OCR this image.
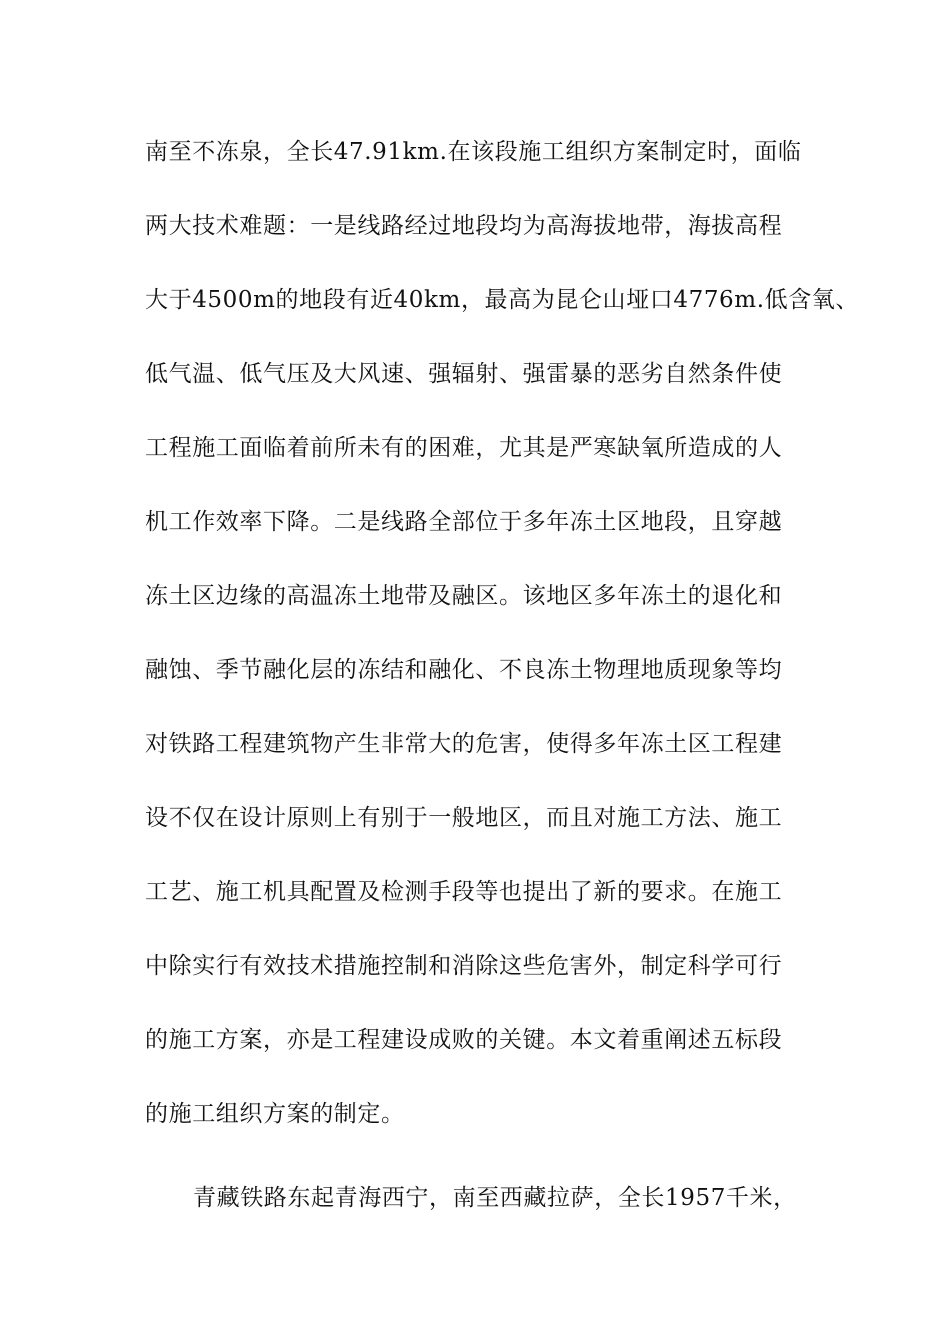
南至不冻泉，全长47.91km.在该段施工组织方案制定时，面临
两大技术难题：一是线路经过地段均为高海拔地带，海拔高程
大于4500m的地段有近40km，最高为昆仑山垭口4776m.低含氧、
低气温、低气压及大风速、强辐射、强雷暴的恶劣自然条件使
工程施工面临着前所未有的困难，尤其是严寒缺氧所造成的人
机工作效率下降。二是线路全部位于多年冻土区地段，且穿越
冻土区边缘的高温冻土地带及融区。该地区多年冻土的退化和
融蚀、季节融化层的冻结和融化、不良冻土物理地质现象等均
对铁路工程建筑物产生非常大的危害，使得多年冻土区工程建
设不仅在设计原则上有别于一般地区，而且对施工方法、施工
工艺、施工机具配置及检测手段等也提出了新的要求。在施工
中除实行有效技术措施控制和消除这些危害外，制定科学可行
的施工方案，亦是工程建设成败的关键。本文着重阐述五标段
的施工组织方案的制定。
青藏铁路东起青海西宁，南至西藏拉萨，全长1957千米，
